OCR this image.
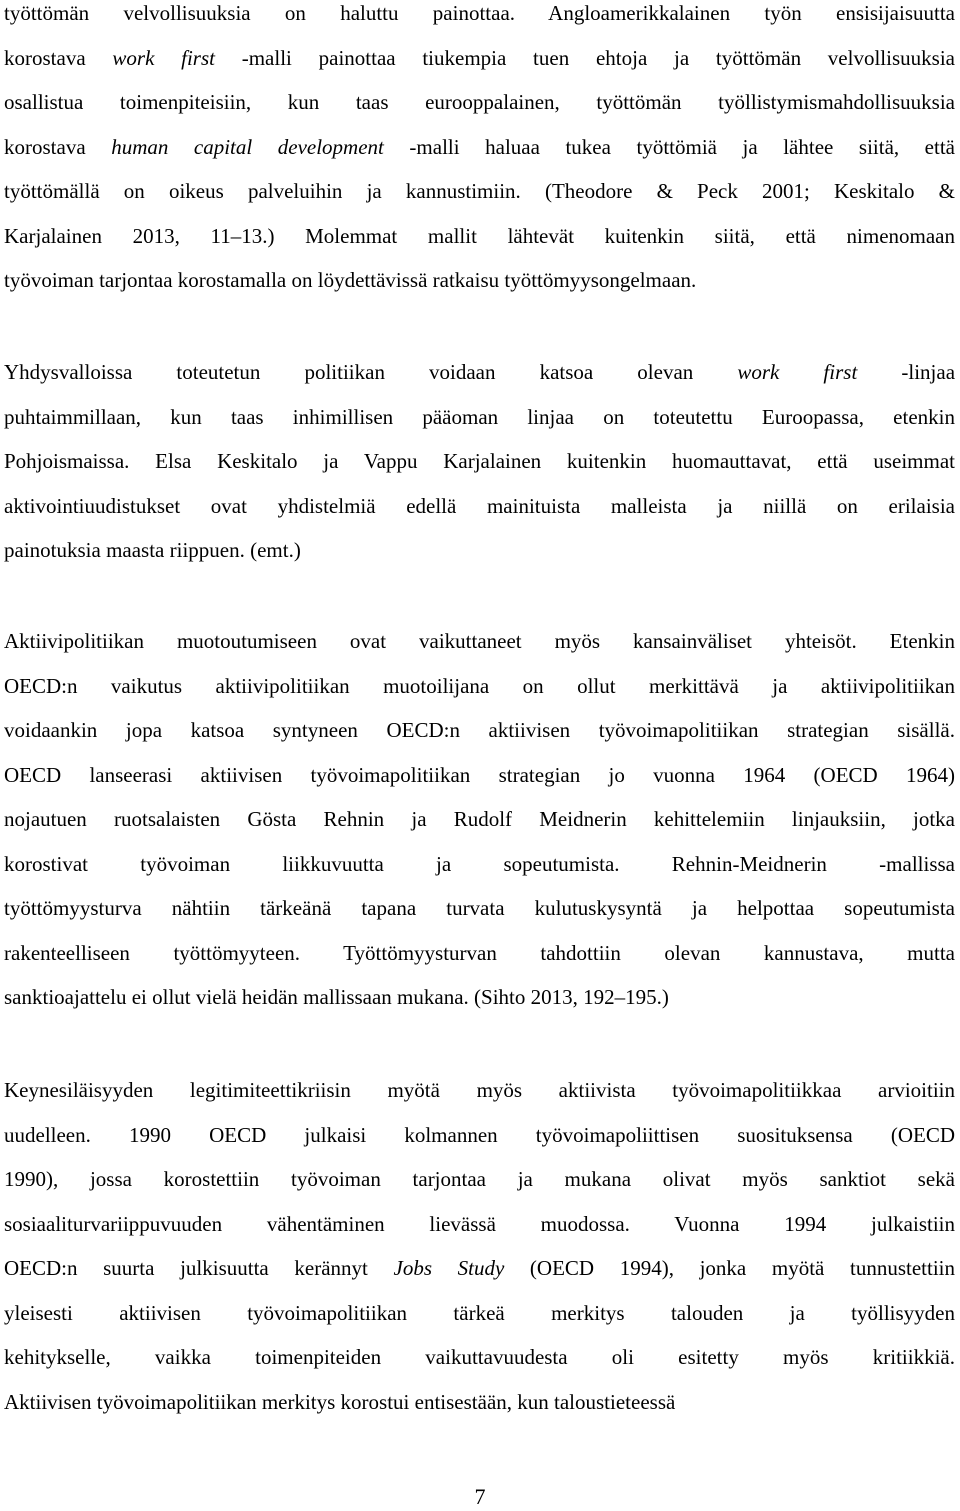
työttömän velvollisuuksia on haluttu painottaa. Angloamerikkalainen työn ensisijaisuutta
korostava work first -malli painottaa tiukempia tuen ehtoja ja työttömän velvollisuuksia
osallistua toimenpiteisiin, kun taas eurooppalainen, työttömän työllistymismahdollisuuksia
korostava human capital development -malli haluaa tukea työttömiä ja lähtee siitä, että
työttömällä on oikeus palveluihin ja kannustimiin. (Theodore & Peck 2001; Keskitalo &
Karjalainen 2013, 11–13.) Molemmat mallit lähtevät kuitenkin siitä, että nimenomaan
työvoiman tarjontaa korostamalla on löydettävissä ratkaisu työttömyysongelmaan.
Yhdysvalloissa toteutetun politiikan voidaan katsoa olevan work first -linjaa
puhtaimmillaan, kun taas inhimillisen pääoman linjaa on toteutettu Euroopassa, etenkin
Pohjoismaissa. Elsa Keskitalo ja Vappu Karjalainen kuitenkin huomauttavat, että useimmat
aktivointiuudistukset ovat yhdistelmiä edellä mainituista malleista ja niillä on erilaisia
painotuksia maasta riippuen. (emt.)
Aktiivipolitiikan muotoutumiseen ovat vaikuttaneet myös kansainväliset yhteisöt. Etenkin
OECD:n vaikutus aktiivipolitiikan muotoilijana on ollut merkittävä ja aktiivipolitiikan
voidaankin jopa katsoa syntyneen OECD:n aktiivisen työvoimapolitiikan strategian sisällä.
OECD lanseerasi aktiivisen työvoimapolitiikan strategian jo vuonna 1964 (OECD 1964)
nojautuen ruotsalaisten Gösta Rehnin ja Rudolf Meidnerin kehittelemiin linjauksiin, jotka
korostivat työvoiman liikkuvuutta ja sopeutumista. Rehnin-Meidnerin -mallissa
työttömyysturva nähtiin tärkeänä tapana turvata kulutuskysyntä ja helpottaa sopeutumista
rakenteelliseen työttömyyteen. Työttömyysturvan tahdottiin olevan kannustava, mutta
sanktioajattelu ei ollut vielä heidän mallissaan mukana. (Sihto 2013, 192–195.)
Keynesiläisyyden legitimiteettikriisin myötä myös aktiivista työvoimapolitiikkaa arvioitiin
uudelleen. 1990 OECD julkaisi kolmannen työvoimapoliittisen suosituksensa (OECD
1990), jossa korostettiin työvoiman tarjontaa ja mukana olivat myös sanktiot sekä
sosiaaliturvariippuvuuden vähentäminen lievässä muodossa. Vuonna 1994 julkaistiin
OECD:n suurta julkisuutta kerännyt Jobs Study (OECD 1994), jonka myötä tunnustettiin
yleisesti aktiivisen työvoimapolitiikan tärkeä merkitys talouden ja työllisyyden
kehitykselle, vaikka toimenpiteiden vaikuttavuudesta oli esitetty myös kritiikkiä.
Aktiivisen työvoimapolitiikan merkitys korostui entisestään, kun taloustieteessä
7
